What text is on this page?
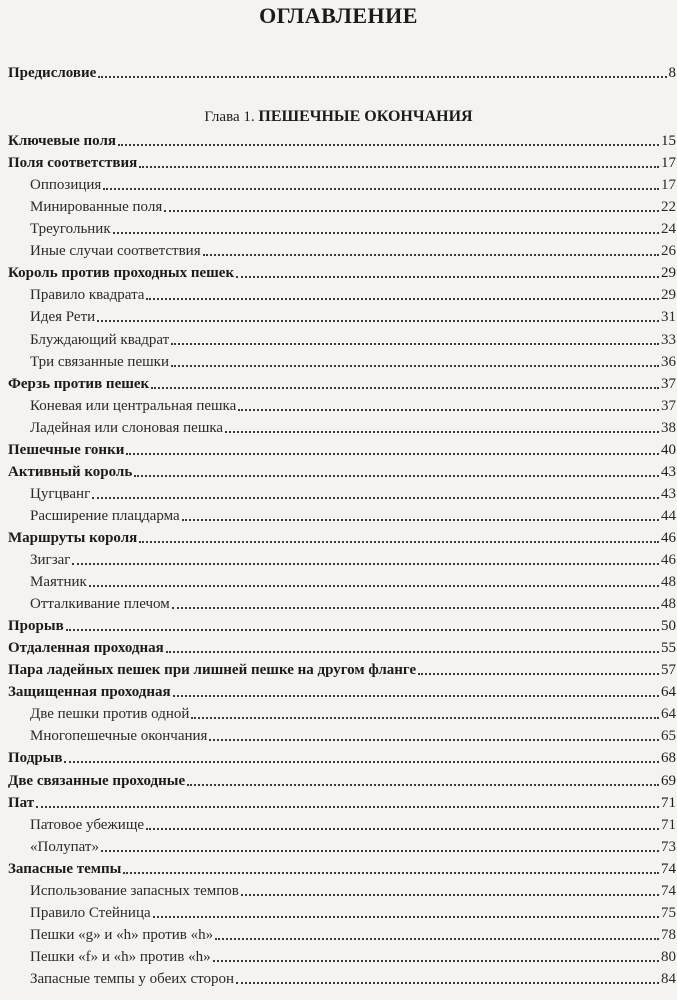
ОГЛАВЛЕНИЕ
Предисловие	8
Глава 1. ПЕШЕЧНЫЕ ОКОНЧАНИЯ
Ключевые поля	15
Поля соответствия	17
Оппозиция	17
Минированные поля	22
Треугольник	24
Иные случаи соответствия	26
Король против проходных пешек	29
Правило квадрата	29
Идея Рети	31
Блуждающий квадрат	33
Три связанные пешки	36
Ферзь против пешек	37
Коневая или центральная пешка	37
Ладейная или слоновая пешка	38
Пешечные гонки	40
Активный король	43
Цугцванг	43
Расширение плацдарма	44
Маршруты короля	46
Зигзаг	46
Маятник	48
Отталкивание плечом	48
Прорыв	50
Отдаленная проходная	55
Пара ладейных пешек при лишней пешке на другом фланге	57
Защищенная проходная	64
Две пешки против одной	64
Многопешечные окончания	65
Подрыв	68
Две связанные проходные	69
Пат	71
Патовое убежище	71
«Полупат»	73
Запасные темпы	74
Использование запасных темпов	74
Правило Стейница	75
Пешки «g» и «h» против «h»	78
Пешки «f» и «h» против «h»	80
Запасные темпы у обеих сторон	84
